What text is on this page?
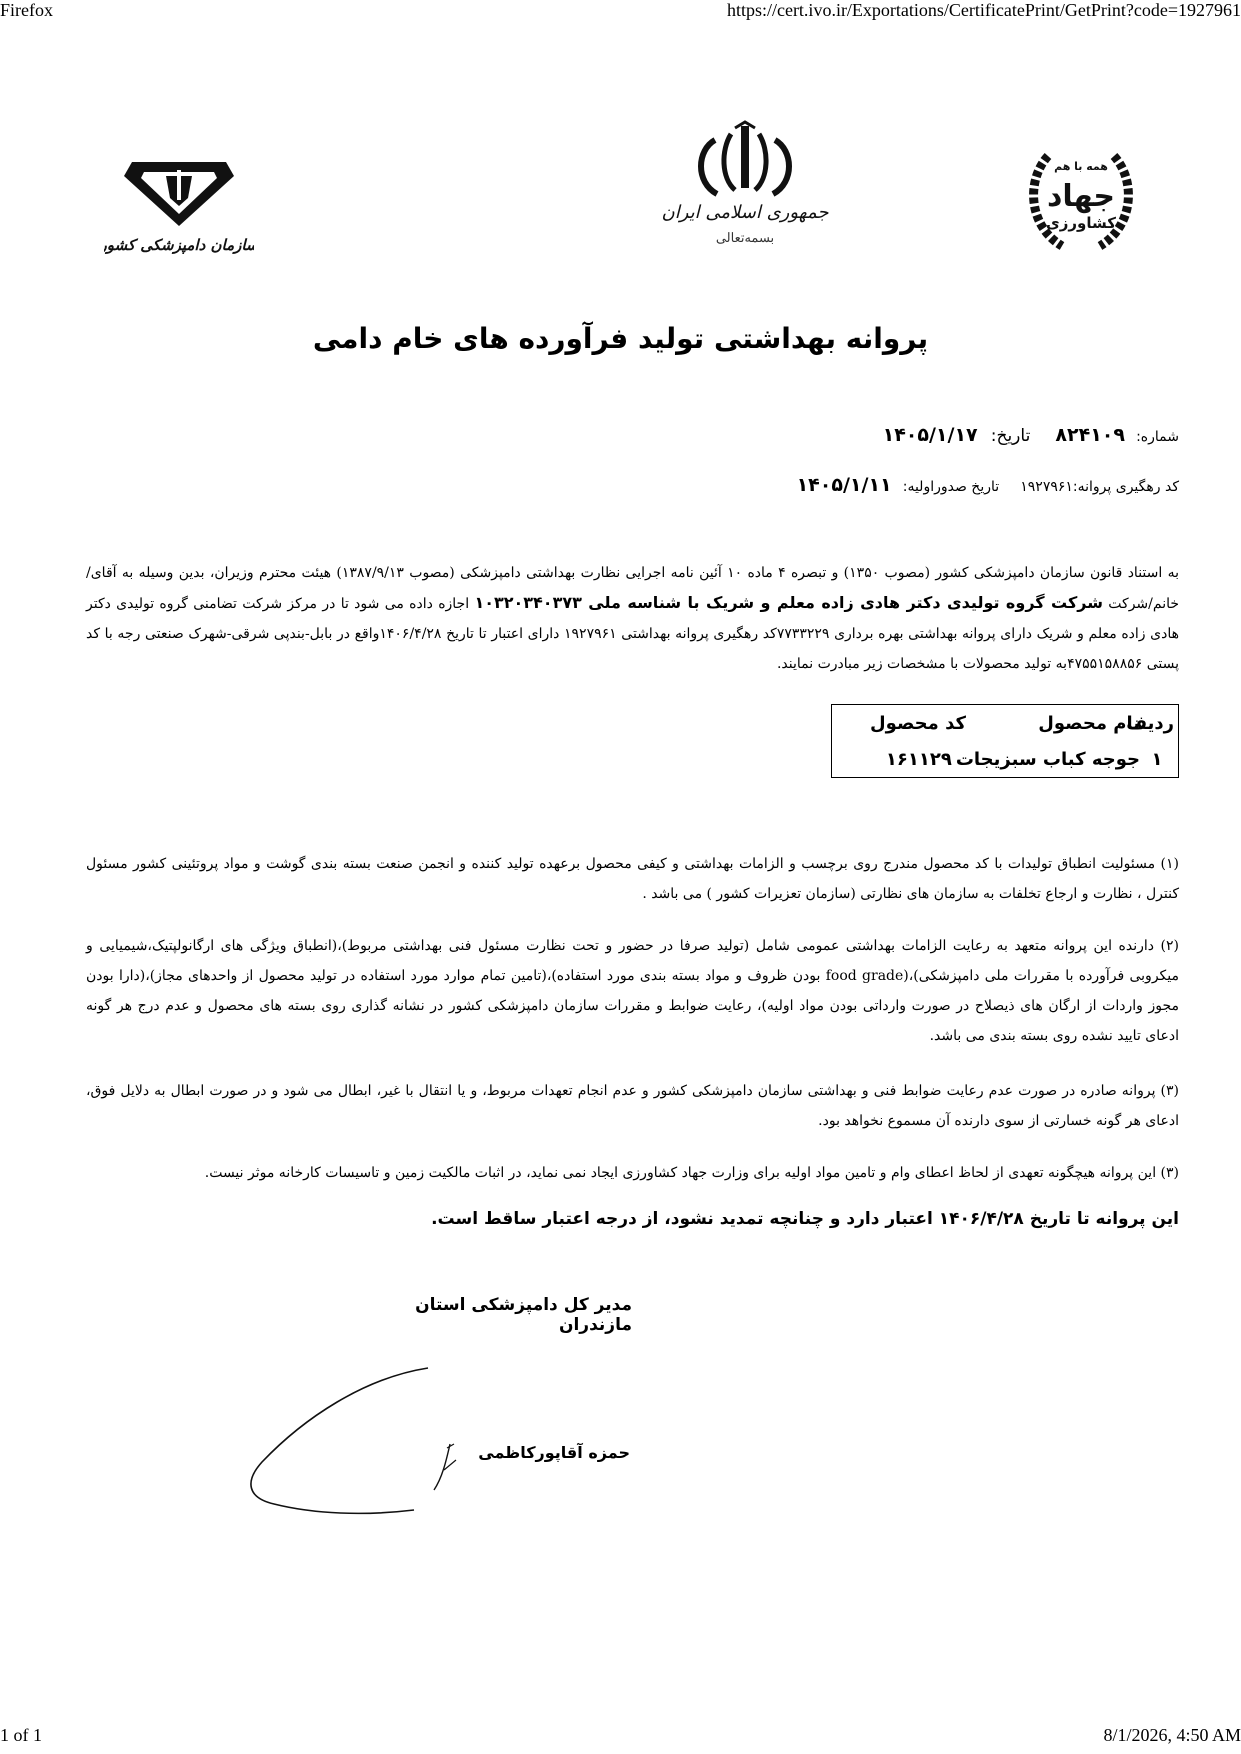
Firefox	https://cert.ivo.ir/Exportations/CertificatePrint/GetPrint?code=1927961
1 of 1	8/1/2026, 4:50 AM
سازمان دامپزشکی کشور
جمهوری اسلامی ایران
بسمه‌تعالی
همه با هم
جهاد
کشاورزی
پروانه بهداشتی تولید فرآورده های خام دامی
شماره: ۸۲۴۱۰۹ تاریخ: ۱۴۰۵/۱/۱۷
کد رهگیری پروانه:۱۹۲۷۹۶۱ تاریخ صدوراولیه: ۱۴۰۵/۱/۱۱
به استناد قانون سازمان دامپزشکی کشور (مصوب ۱۳۵۰) و تبصره ۴ ماده ۱۰ آئین نامه اجرایی نظارت بهداشتی دامپزشکی (مصوب ۱۳۸۷/۹/۱۳) هیئت محترم وزیران، بدین وسیله به آقای/خانم/شرکت شرکت گروه تولیدی دکتر هادی زاده معلم و شریک با شناسه ملی ۱۰۳۲۰۳۴۰۳۷۳ اجازه داده می شود تا در مرکز شرکت تضامنی گروه تولیدی دکتر هادی زاده معلم و شریک دارای پروانه بهداشتی بهره برداری ۷۷۳۳۲۲۹کد رهگیری پروانه بهداشتی ۱۹۲۷۹۶۱ دارای اعتبار تا تاریخ ۱۴۰۶/۴/۲۸واقع در بابل-بندپی شرقی-شهرک صنعتی رجه با کد پستی ۴۷۵۵۱۵۸۸۵۶به تولید محصولات با مشخصات زیر مبادرت نمایند.
ردیف
نام محصول
کد محصول
۱
جوجه کباب سبزیجات
۱۶۱۱۲۹
(۱) مسئولیت انطباق تولیدات با کد محصول مندرج روی برچسب و الزامات بهداشتی و کیفی محصول برعهده تولید کننده و انجمن صنعت بسته بندی گوشت و مواد پروتئینی کشور مسئول کنترل ، نظارت و ارجاع تخلفات به سازمان های نظارتی (سازمان تعزیرات کشور ) می باشد .
(۲) دارنده این پروانه متعهد به رعایت الزامات بهداشتی عمومی شامل (تولید صرفا در حضور و تحت نظارت مسئول فنی بهداشتی مربوط)،(انطباق ویژگی های ارگانولپتیک،شیمیایی و میکروبی فرآورده با مقررات ملی دامپزشکی)،(food grade بودن ظروف و مواد بسته بندی مورد استفاده)،(تامین تمام موارد مورد استفاده در تولید محصول از واحدهای مجاز)،(دارا بودن مجوز واردات از ارگان های ذیصلاح در صورت وارداتی بودن مواد اولیه)، رعایت ضوابط و مقررات سازمان دامپزشکی کشور در نشانه گذاری روی بسته های محصول و عدم درج هر گونه ادعای تایید نشده روی بسته بندی می باشد.
(۳) پروانه صادره در صورت عدم رعایت ضوابط فنی و بهداشتی سازمان دامپزشکی کشور و عدم انجام تعهدات مربوط، و یا انتقال با غیر، ابطال می شود و در صورت ابطال به دلایل فوق، ادعای هر گونه خسارتی از سوی دارنده آن مسموع نخواهد بود.
(۳) این پروانه هیچگونه تعهدی از لحاظ اعطای وام و تامین مواد اولیه برای وزارت جهاد کشاورزی ایجاد نمی نماید، در اثبات مالکیت زمین و تاسیسات کارخانه موثر نیست.
این پروانه تا تاریخ ۱۴۰۶/۴/۲۸ اعتبار دارد و چنانچه تمدید نشود، از درجه اعتبار ساقط است.
مدیر کل دامپزشکی استان مازندران
حمزه آقاپورکاظمی
